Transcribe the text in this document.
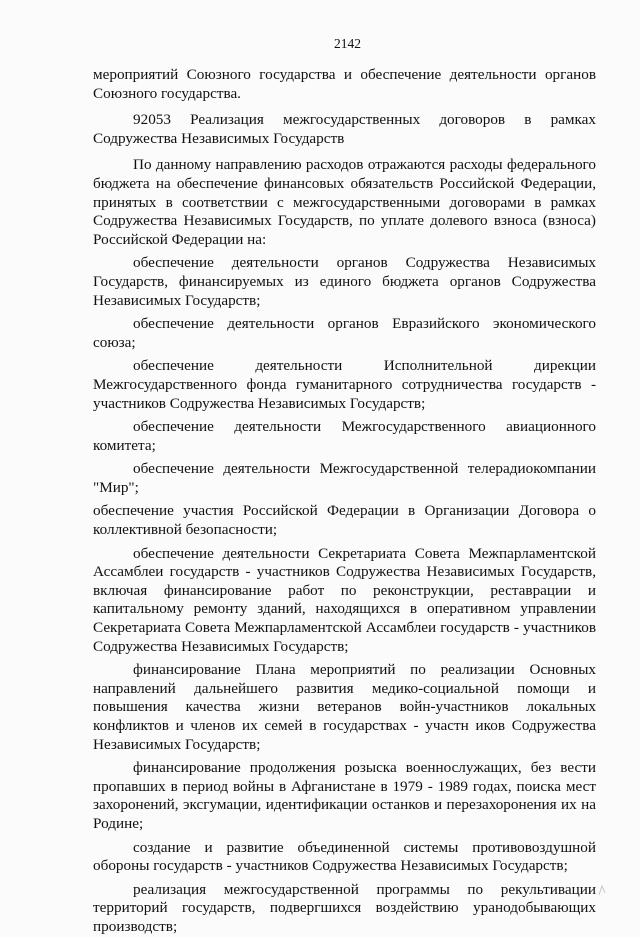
2142

мероприятий Союзного государства и обеспечение деятельности органов Союзного государства.

92053 Реализация межгосударственных договоров в рамках Содружества Независимых Государств

По данному направлению расходов отражаются расходы федерального бюджета на обеспечение финансовых обязательств Российской Федерации, принятых в соответствии с межгосударственными договорами в рамках Содружества Независимых Государств, по уплате долевого взноса (взноса) Российской Федерации на:

обеспечение деятельности органов Содружества Независимых Государств, финансируемых из единого бюджета органов Содружества Независимых Государств;

обеспечение деятельности органов Евразийского экономического союза;

обеспечение деятельности Исполнительной дирекции Межгосударственного фонда гуманитарного сотрудничества государств - участников Содружества Независимых Государств;

обеспечение деятельности Межгосударственного авиационного комитета;

обеспечение деятельности Межгосударственной телерадиокомпании "Мир";

обеспечение участия Российской Федерации в Организации Договора о коллективной безопасности;

обеспечение деятельности Секретариата Совета Межпарламентской Ассамблеи государств - участников Содружества Независимых Государств, включая финансирование работ по реконструкции, реставрации и капитальному ремонту зданий, находящихся в оперативном управлении Секретариата Совета Межпарламентской Ассамблеи государств - участников Содружества Независимых Государств;

финансирование Плана мероприятий по реализации Основных направлений дальнейшего развития медико-социальной помощи и повышения качества жизни ветеранов войн-участников локальных конфликтов и членов их семей в государствах - участн иков Содружества Независимых Государств;

финансирование продолжения розыска военнослужащих, без вести пропавших в период войны в Афганистане в 1979 - 1989 годах, поиска мест захоронений, эксгумации, идентификации останков и перезахоронения их на Родине;

создание и развитие объединенной системы противовоздушной обороны государств - участников Содружества Независимых Государств;

реализация межгосударственной программы по рекультивации территорий государств, подвергшихся воздействию уранодобывающих производств;
